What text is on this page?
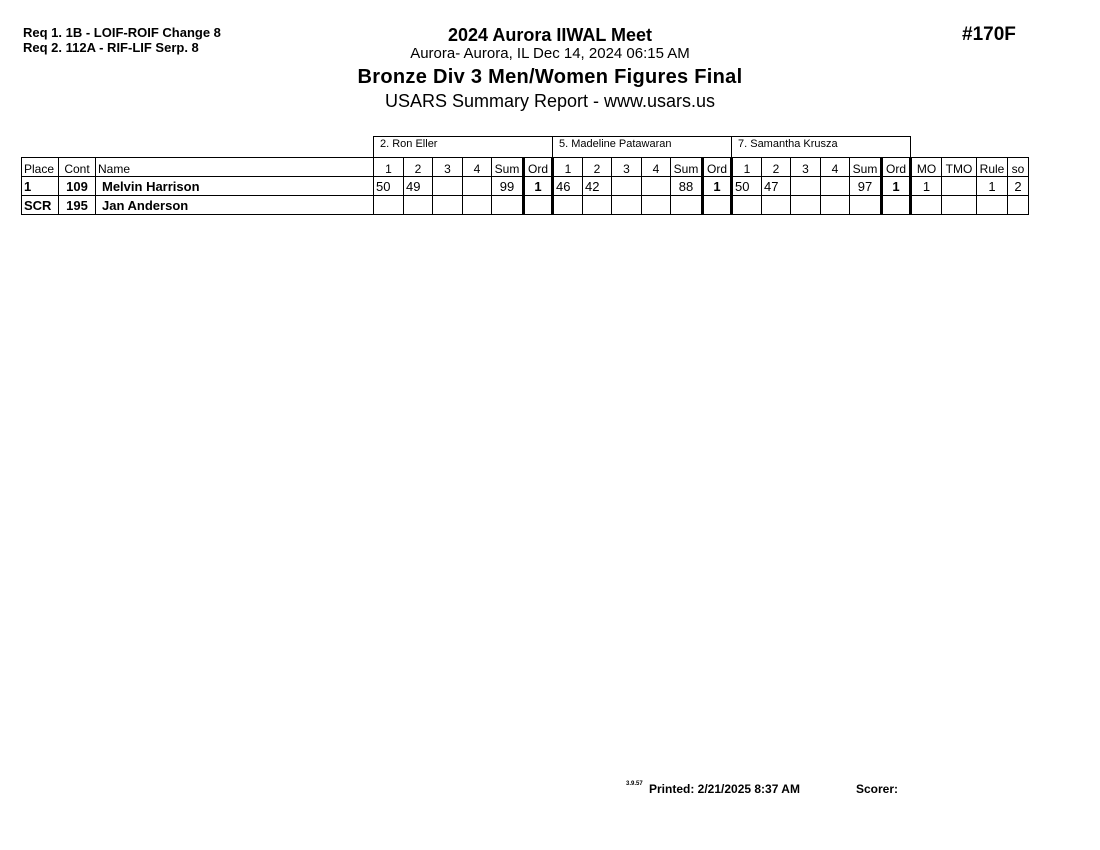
Req 1. 1B - LOIF-ROIF Change 8
Req 2. 112A - RIF-LIF Serp. 8
2024 Aurora IIWAL Meet
Aurora- Aurora, IL Dec 14, 2024 06:15 AM
Bronze Div 3 Men/Women Figures Final
USARS Summary Report - www.usars.us
#170F
			2. Ron Eller						5. Madeline Patawaran						7. Samantha Krusza									
Place	Cont	Name	1	2	3	4	Sum	Ord	1	2	3	4	Sum	Ord	1	2	3	4	Sum	Ord	MO	TMO	Rule	so
1	109	Melvin Harrison	50	49			99	1	46	42			88	1	50	47			97	1	1		1	2
SCR	195	Jan Anderson																						
3.9.57 Printed: 2/21/2025 8:37 AM	Scorer:
